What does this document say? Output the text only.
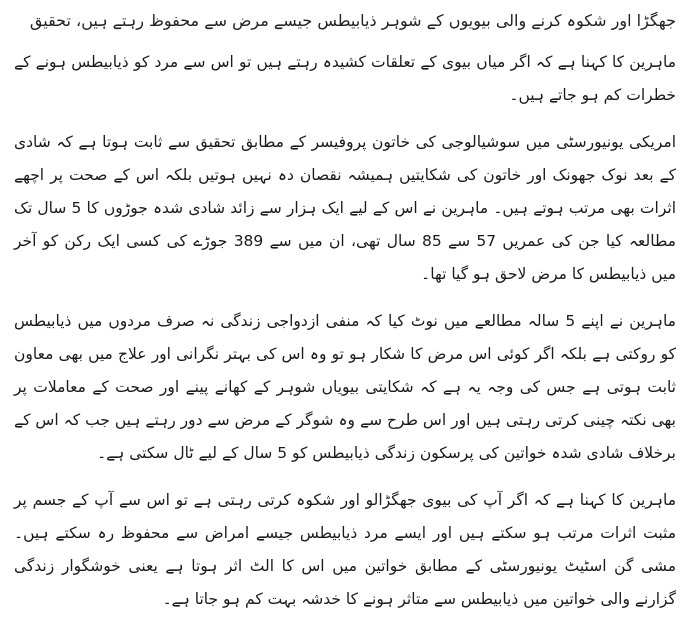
جھگڑا اور شکوہ کرنے والی بیویوں کے شوہر ذیابیطس جیسے مرض سے محفوظ رہتے ہیں، تحقیق

ماہرین کا کہنا ہے کہ اگر میاں بیوی کے تعلقات کشیدہ رہتے ہیں تو اس سے مرد کو ذیابیطس ہونے کے خطرات کم ہو جاتے ہیں۔

امریکی یونیورسٹی میں سوشیالوجی کی خاتون پروفیسر کے مطابق تحقیق سے ثابت ہوتا ہے کہ شادی کے بعد نوک جھونک اور خاتون کی شکایتیں ہمیشہ نقصان دہ نہیں ہوتیں بلکہ اس کے صحت پر اچھے اثرات بھی مرتب ہوتے ہیں۔ ماہرین نے اس کے لیے ایک ہزار سے زائد شادی شدہ جوڑوں کا 5 سال تک مطالعہ کیا جن کی عمریں 57 سے 85 سال تھی، ان میں سے 389 جوڑے کی کسی ایک رکن کو آخر میں ذیابیطس کا مرض لاحق ہو گیا تھا۔

ماہرین نے اپنے 5 سالہ مطالعے میں نوٹ کیا کہ منفی ازدواجی زندگی نہ صرف مردوں میں ذیابیطس کو روکتی ہے بلکہ اگر کوئی اس مرض کا شکار ہو تو وہ اس کی بہتر نگرانی اور علاج میں بھی معاون ثابت ہوتی ہے جس کی وجہ یہ ہے کہ شکایتی بیویاں شوہر کے کھانے پینے اور صحت کے معاملات پر بھی نکتہ چینی کرتی رہتی ہیں اور اس طرح سے وہ شوگر کے مرض سے دور رہتے ہیں جب کہ اس کے برخلاف شادی شدہ خواتین کی پرسکون زندگی ذیابیطس کو 5 سال کے لیے ٹال سکتی ہے۔

ماہرین کا کہنا ہے کہ اگر آپ کی بیوی جھگڑالو اور شکوہ کرتی رہتی ہے تو اس سے آپ کے جسم پر مثبت اثرات مرتب ہو سکتے ہیں اور ایسے مرد ذیابیطس جیسے امراض سے محفوظ رہ سکتے ہیں۔ مشی گن اسٹیٹ یونیورسٹی کے مطابق خواتین میں اس کا الٹ اثر ہوتا ہے یعنی خوشگوار زندگی گزارنے والی خواتین میں ذیابیطس سے متاثر ہونے کا خدشہ بہت کم ہو جاتا ہے۔
